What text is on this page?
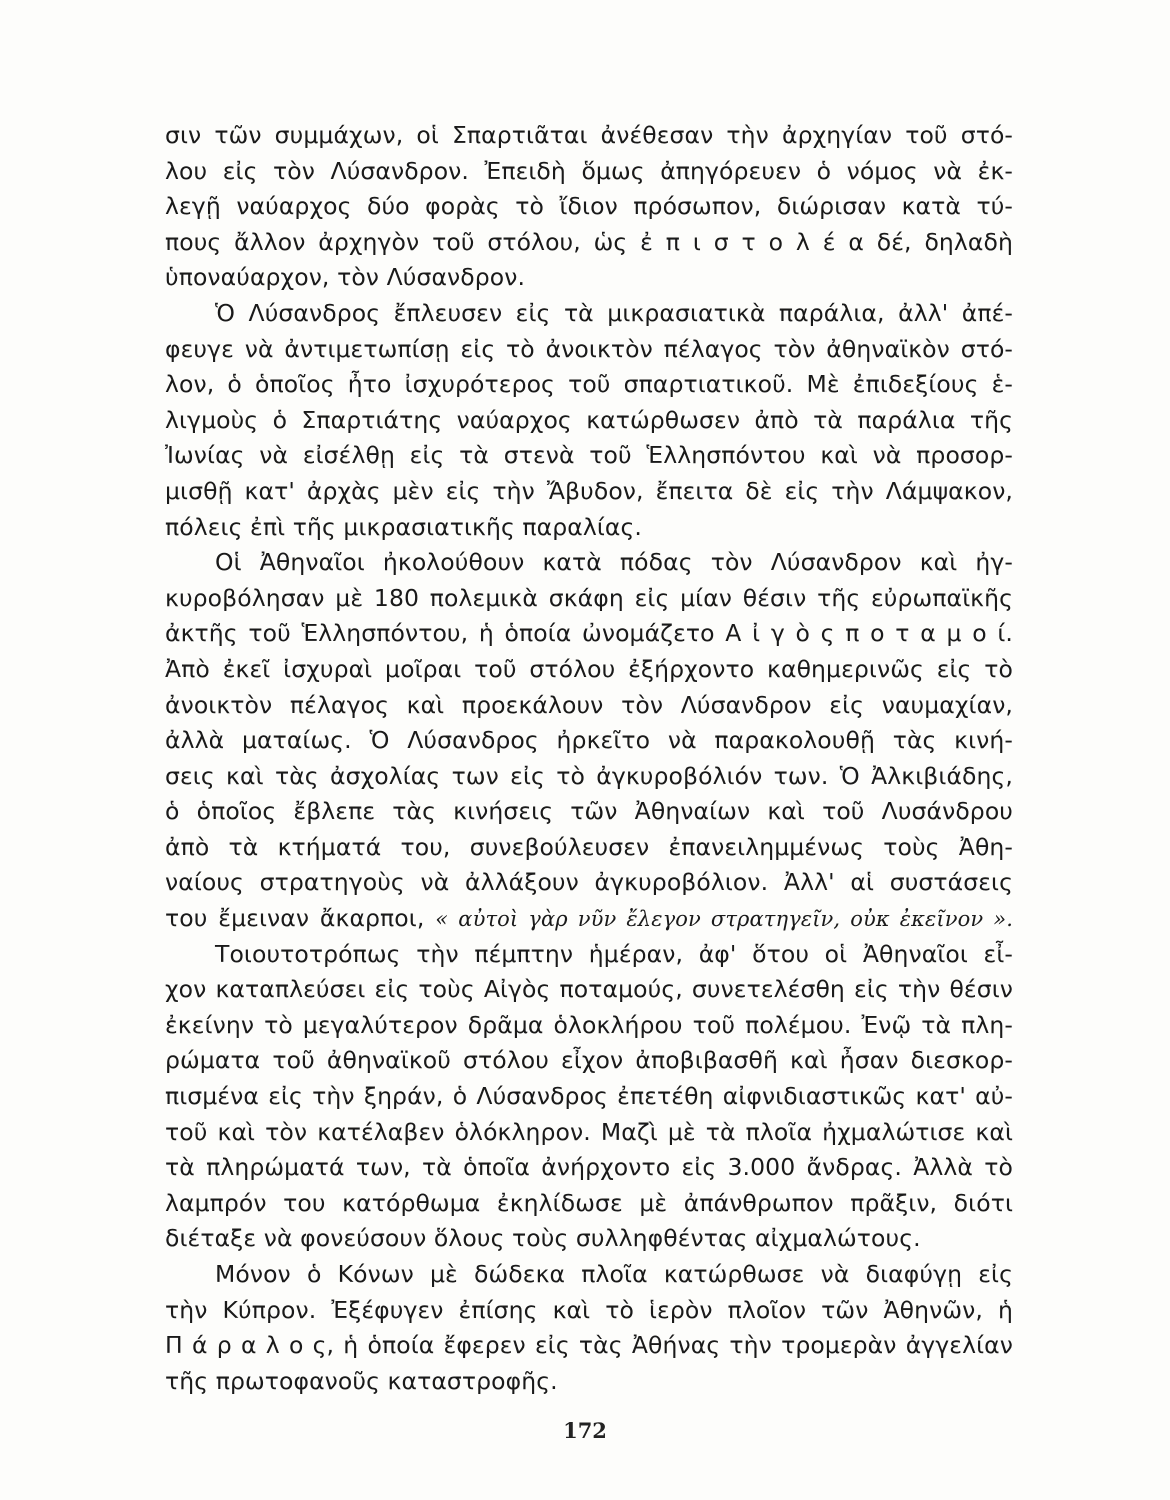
σιν τῶν συμμάχων, οἱ Σπαρτιᾶται ἀνέθεσαν τὴν ἀρχηγίαν τοῦ στό-
λου εἰς τὸν Λύσανδρον. Ἐπειδὴ ὅμως ἀπηγόρευεν ὁ νόμος νὰ ἐκ-
λεγῇ ναύαρχος δύο φορὰς τὸ ἴδιον πρόσωπον, διώρισαν κατὰ τύ-
πους ἄλλον ἀρχηγὸν τοῦ στόλου, ὡς ἐ π ι σ τ ο λ έ α δέ, δηλαδὴ
ὑποναύαρχον, τὸν Λύσανδρον.
Ὁ Λύσανδρος ἔπλευσεν εἰς τὰ μικρασιατικὰ παράλια, ἀλλ' ἀπέ-
φευγε νὰ ἀντιμετωπίσῃ εἰς τὸ ἀνοικτὸν πέλαγος τὸν ἀθηναϊκὸν στό-
λον, ὁ ὁποῖος ἦτο ἰσχυρότερος τοῦ σπαρτιατικοῦ. Μὲ ἐπιδεξίους ἑ-
λιγμοὺς ὁ Σπαρτιάτης ναύαρχος κατώρθωσεν ἀπὸ τὰ παράλια τῆς
Ἰωνίας νὰ εἰσέλθῃ εἰς τὰ στενὰ τοῦ Ἑλλησπόντου καὶ νὰ προσορ-
μισθῇ κατ' ἀρχὰς μὲν εἰς τὴν Ἄβυδον, ἔπειτα δὲ εἰς τὴν Λάμψακον,
πόλεις ἐπὶ τῆς μικρασιατικῆς παραλίας.
Οἱ Ἀθηναῖοι ἠκολούθουν κατὰ πόδας τὸν Λύσανδρον καὶ ἠγ-
κυροβόλησαν μὲ 180 πολεμικὰ σκάφη εἰς μίαν θέσιν τῆς εὐρωπαϊκῆς
ἀκτῆς τοῦ Ἑλλησπόντου, ἡ ὁποία ὠνομάζετο Α ἰ γ ὸ ς π ο τ α μ ο ί.
Ἀπὸ ἐκεῖ ἰσχυραὶ μοῖραι τοῦ στόλου ἐξήρχοντο καθημερινῶς εἰς τὸ
ἀνοικτὸν πέλαγος καὶ προεκάλουν τὸν Λύσανδρον εἰς ναυμαχίαν,
ἀλλὰ ματαίως. Ὁ Λύσανδρος ἠρκεῖτο νὰ παρακολουθῇ τὰς κινή-
σεις καὶ τὰς ἀσχολίας των εἰς τὸ ἀγκυροβόλιόν των. Ὁ Ἀλκιβιάδης,
ὁ ὁποῖος ἔβλεπε τὰς κινήσεις τῶν Ἀθηναίων καὶ τοῦ Λυσάνδρου
ἀπὸ τὰ κτήματά του, συνεβούλευσεν ἐπανειλημμένως τοὺς Ἀθη-
ναίους στρατηγοὺς νὰ ἀλλάξουν ἀγκυροβόλιον. Ἀλλ' αἱ συστάσεις
του ἔμειναν ἄκαρποι, « αὐτοὶ γὰρ νῦν ἔλεγον στρατηγεῖν, οὐκ ἐκεῖνον ».
Τοιουτοτρόπως τὴν πέμπτην ἡμέραν, ἀφ' ὅτου οἱ Ἀθηναῖοι εἶ-
χον καταπλεύσει εἰς τοὺς Αἰγὸς ποταμούς, συνετελέσθη εἰς τὴν θέσιν
ἐκείνην τὸ μεγαλύτερον δρᾶμα ὁλοκλήρου τοῦ πολέμου. Ἐνῷ τὰ πλη-
ρώματα τοῦ ἀθηναϊκοῦ στόλου εἶχον ἀποβιβασθῆ καὶ ἦσαν διεσκορ-
πισμένα εἰς τὴν ξηράν, ὁ Λύσανδρος ἐπετέθη αἰφνιδιαστικῶς κατ' αὐ-
τοῦ καὶ τὸν κατέλαβεν ὁλόκληρον. Μαζὶ μὲ τὰ πλοῖα ἠχμαλώτισε καὶ
τὰ πληρώματά των, τὰ ὁποῖα ἀνήρχοντο εἰς 3.000 ἄνδρας. Ἀλλὰ τὸ
λαμπρόν του κατόρθωμα ἐκηλίδωσε μὲ ἀπάνθρωπον πρᾶξιν, διότι
διέταξε νὰ φονεύσουν ὅλους τοὺς συλληφθέντας αἰχμαλώτους.
Μόνον ὁ Κόνων μὲ δώδεκα πλοῖα κατώρθωσε νὰ διαφύγῃ εἰς
τὴν Κύπρον. Ἐξέφυγεν ἐπίσης καὶ τὸ ἱερὸν πλοῖον τῶν Ἀθηνῶν, ἡ
Π ά ρ α λ ο ς, ἡ ὁποία ἔφερεν εἰς τὰς Ἀθήνας τὴν τρομερὰν ἀγγελίαν
τῆς πρωτοφανοῦς καταστροφῆς.
172
